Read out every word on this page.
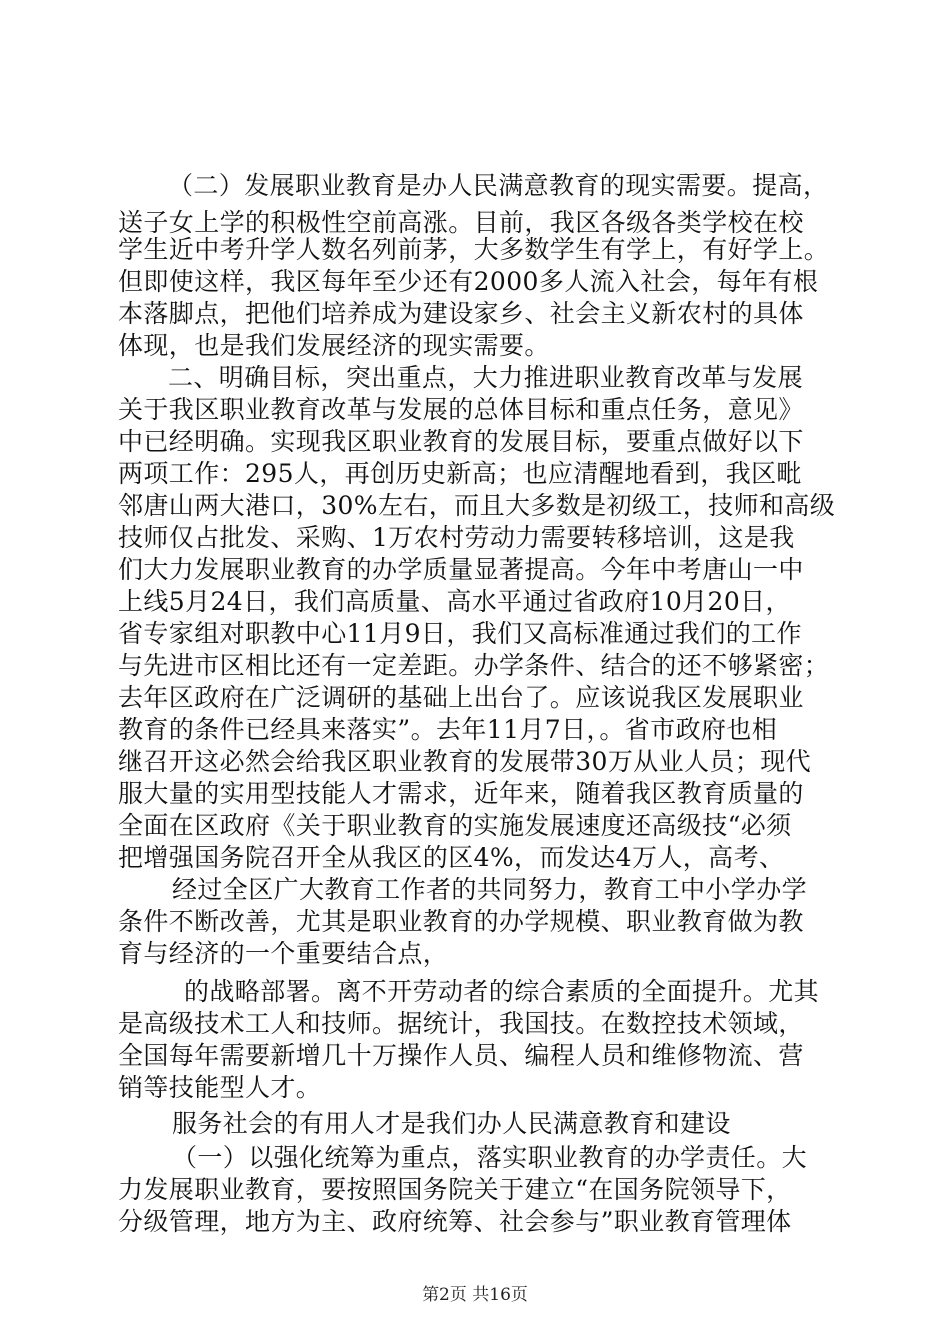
（二）发展职业教育是办人民满意教育的现实需要。提高，
送子女上学的积极性空前高涨。目前，我区各级各类学校在校
学生近中考升学人数名列前茅，大多数学生有学上，有好学上。
但即使这样，我区每年至少还有2000多人流入社会，每年有根
本落脚点，把他们培养成为建设家乡、社会主义新农村的具体
体现，也是我们发展经济的现实需要。
二、明确目标，突出重点，大力推进职业教育改革与发展
关于我区职业教育改革与发展的总体目标和重点任务，意见》
中已经明确。实现我区职业教育的发展目标，要重点做好以下
两项工作：295人，再创历史新高；也应清醒地看到，我区毗
邻唐山两大港口，30%左右，而且大多数是初级工，技师和高级
技师仅占批发、采购、1万农村劳动力需要转移培训，这是我
们大力发展职业教育的办学质量显著提高。今年中考唐山一中
上线5月24日，我们高质量、高水平通过省政府10月20日，
省专家组对职教中心11月9日，我们又高标准通过我们的工作
与先进市区相比还有一定差距。办学条件、结合的还不够紧密；
去年区政府在广泛调研的基础上出台了。应该说我区发展职业
教育的条件已经具来落实”。去年11月7日，。省市政府也相
继召开这必然会给我区职业教育的发展带30万从业人员；现代
服大量的实用型技能人才需求，近年来，随着我区教育质量的
全面在区政府《关于职业教育的实施发展速度还高级技“必须
把增强国务院召开全从我区的区4%，而发达4万人，高考、
经过全区广大教育工作者的共同努力，教育工中小学办学
条件不断改善，尤其是职业教育的办学规模、职业教育做为教
育与经济的一个重要结合点，
的战略部署。离不开劳动者的综合素质的全面提升。尤其
是高级技术工人和技师。据统计，我国技。在数控技术领域，
全国每年需要新增几十万操作人员、编程人员和维修物流、营
销等技能型人才。
服务社会的有用人才是我们办人民满意教育和建设
（一）以强化统筹为重点，落实职业教育的办学责任。大
力发展职业教育，要按照国务院关于建立“在国务院领导下，
分级管理，地方为主、政府统筹、社会参与”职业教育管理体
第2页 共16页
